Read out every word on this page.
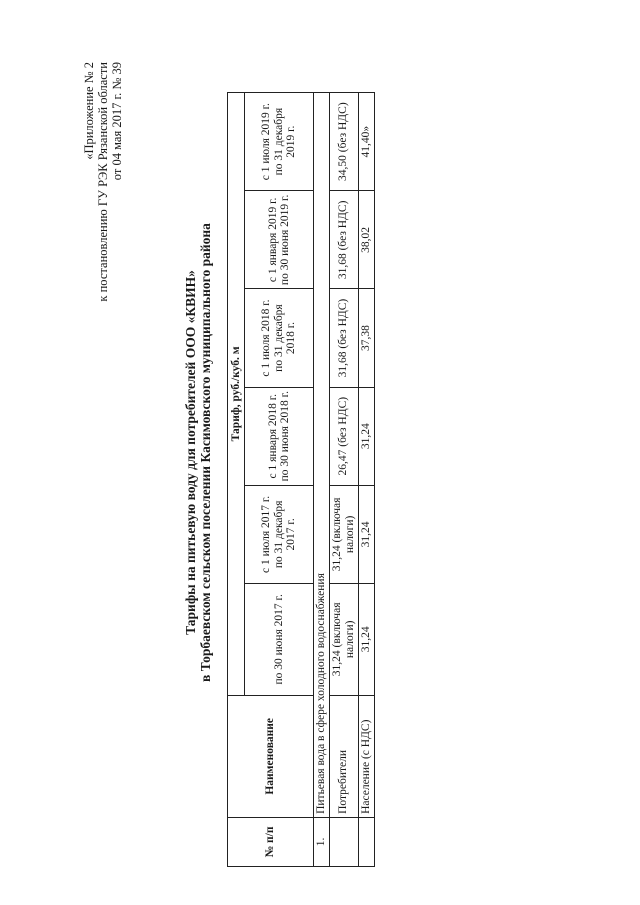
«Приложение № 2 к постановлению ГУ РЭК Рязанской области от 04 мая 2017 г. № 39
Тарифы на питьевую воду для потребителей ООО «КВИН» в Торбаевском сельском поселении Касимовского муниципального района
№ п/п	Наименование	Тариф, руб./куб. м					
		по 30 июня 2017 г.	с 1 июля 2017 г. по 31 декабря 2017 г.	с 1 января 2018 г. по 30 июня 2018 г.	с 1 июля 2018 г. по 31 декабря 2018 г.	с 1 января 2019 г. по 30 июня 2019 г.	с 1 июля 2019 г. по 31 декабря 2019 г.
1.	Питьевая вода в сфере холодного водоснабжения						
	Потребители	31,24 (включая налоги)	31,24 (включая налоги)	26,47 (без НДС)	31,68 (без НДС)	31,68 (без НДС)	34,50 (без НДС)
	Население (с НДС)	31,24	31,24	31,24	37,38	38,02	41,40»
